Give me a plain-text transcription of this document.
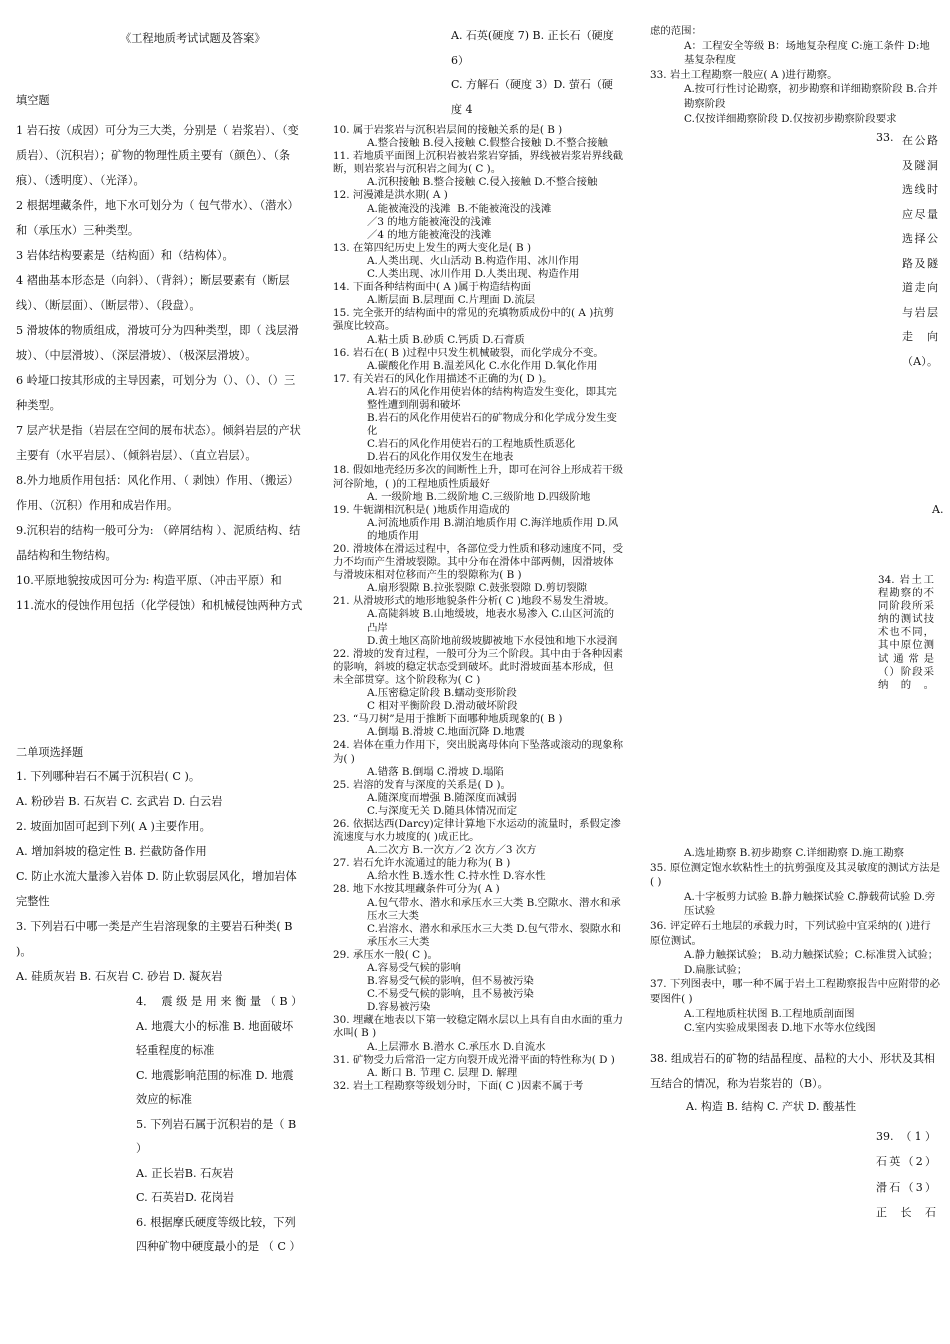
《工程地质考试试题及答案》
填空题
1 岩石按（成因）可分为三大类，分别是（ 岩浆岩）、（变质岩）、（沉积岩）；矿物的物理性质主要有（颜色）、（条痕）、（透明度）、（光泽）。
2 根据埋藏条件，地下水可划分为（ 包气带水）、（潜水）和（承压水）三种类型。
3 岩体结构要素是（结构面）和（结构体）。
4 褶曲基本形态是（向斜）、（背斜）；断层要素有（断层线）、（断层面）、（断层带）、（段盘）。
5 滑坡体的物质组成，滑坡可分为四种类型，即（ 浅层滑坡）、（中层滑坡）、（深层滑坡）、（极深层滑坡）。
6 岭垭口按其形成的主导因素，可划分为（）、（）、（）三种类型。
7 层产状是指（岩层在空间的展布状态）。倾斜岩层的产状主要有（水平岩层）、（倾斜岩层）、（直立岩层）。
8.外力地质作用包括：风化作用、（ 剥蚀）作用、（搬运）作用、（沉积）作用和成岩作用。
9.沉积岩的结构一般可分为: （碎屑结构 ）、泥质结构、结晶结构和生物结构。
10.平原地貌按成因可分为: 构造平原、（冲击平原）和
11.流水的侵蚀作用包括（化学侵蚀）和机械侵蚀两种方式
二单项选择题
1. 下列哪种岩石不属于沉积岩( C )。
A. 粉砂岩 B. 石灰岩 C. 玄武岩 D. 白云岩
2. 坡面加固可起到下列( A )主要作用。
A. 增加斜坡的稳定性 B. 拦截防备作用
C. 防止水流大量渗入岩体 D. 防止软弱层风化，增加岩体完整性
3. 下列岩石中哪一类是产生岩溶现象的主要岩石种类( B )。
A. 硅质灰岩 B. 石灰岩 C. 砂岩 D. 凝灰岩
4．  震 级 是 用 来 衡 量 （ B ）
A. 地震大小的标准 B. 地面破坏轻重程度的标准
C. 地震影响范围的标准 D. 地震效应的标准
5. 下列岩石属于沉积岩的是（ B ）
A. 正长岩B. 石灰岩
C. 石英岩D. 花岗岩
6. 根据摩氏硬度等级比较，下列四种矿物中硬度最小的是 （ C ）
A. 石英(硬度 7) B. 正长石（硬度 6）
C. 方解石（硬度 3）D. 萤石（硬度 4
10. 属于岩浆岩与沉积岩层间的接触关系的是( B )
A.整合接触 B.侵入接触 C.假整合接触 D.不整合接触
11. 若地质平面图上沉积岩被岩浆岩穿插，界线被岩浆岩界线截断，则岩浆岩与沉积岩之间为( C )。
A.沉积接触 B.整合接触 C.侵入接触 D.不整合接触
12. 河漫滩是洪水期( A )
A.能被淹没的浅滩  B.不能被淹没的浅滩
／3 的地方能被淹没的浅滩
／4 的地方能被淹没的浅滩
13. 在第四纪历史上发生的两大变化是( B )
A.人类出现、火山活动 B.构造作用、冰川作用
C.人类出现、冰川作用 D.人类出现、构造作用
14. 下面各种结构面中( A )属于构造结构面
A.断层面 B.层理面 C.片理面 D.流层
15. 完全张开的结构面中的常见的充填物质成份中的( A )抗剪强度比较高。
A.粘土质 B.砂质 C.钙质 D.石膏质
16. 岩石在( B )过程中只发生机械破裂，而化学成分不变。
A.碳酸化作用 B.温差风化 C.水化作用 D.氧化作用
17. 有关岩石的风化作用描述不正确的为( D )。
A.岩石的风化作用使岩体的结构构造发生变化，即其完整性遭到削弱和破坏
B.岩石的风化作用使岩石的矿物成分和化学成分发生变化
C.岩石的风化作用使岩石的工程地质性质恶化
D.岩石的风化作用仅发生在地表
18. 假如地壳经历多次的间断性上升，即可在河谷上形成若干级河谷阶地，( )的工程地质性质最好
A. 一级阶地 B.二级阶地 C.三级阶地 D.四级阶地
19. 牛轭湖相沉积是( )地质作用造成的
A.河流地质作用 B.湖泊地质作用 C.海洋地质作用 D.风的地质作用
20. 滑坡体在滑运过程中，各部位受力性质和移动速度不同，受力不均而产生滑坡裂隙。其中分布在滑体中部两侧，因滑坡体与滑坡床相对位移而产生的裂隙称为( B )
A.扇形裂隙 B.拉张裂隙 C.鼓张裂隙 D.剪切裂隙
21. 从滑坡形式的地形地貌条件分析( C )地段不易发生滑坡。
A.高陡斜坡 B.山地缓坡，地表水易渗入 C.山区河流的凸岸
D.黄土地区高阶地前级坡脚被地下水侵蚀和地下水浸润
22. 滑坡的发育过程，一般可分为三个阶段。其中由于各种因素的影响，斜坡的稳定状态受到破坏。此时滑坡面基本形成，但未全部贯穿。这个阶段称为( C )
A.压密稳定阶段 B.蠕动变形阶段
C 相对平衡阶段 D.滑动破坏阶段
23. “马刀树”是用于推断下面哪种地质现象的( B )
A.倒塌 B.滑坡 C.地面沉降 D.地震
24. 岩体在重力作用下，突出脱离母体向下坠落或滚动的现象称为( )
A.错落 B.倒塌 C.滑坡 D.塌陷
25. 岩溶的发育与深度的关系是( D )。
A.随深度而增强 B.随深度而减弱
C.与深度无关 D.随具体情况而定
26. 依据达西(Darcy)定律计算地下水运动的流量时，系假定渗流速度与水力坡度的( )成正比。
A.二次方 B.一次方／2 次方／3 次方
27. 岩石允许水流通过的能力称为( B )
A.给水性 B.透水性 C.持水性 D.容水性
28. 地下水按其埋藏条件可分为( A )
A.包气带水、潜水和承压水三大类 B.空隙水、潜水和承压水三大类
C.岩溶水、潜水和承压水三大类 D.包气带水、裂隙水和承压水三大类
29. 承压水一般( C )。
A.容易受气候的影响
B.容易受气候的影响，但不易被污染
C.不易受气候的影响，且不易被污染
D.容易被污染
30. 埋藏在地表以下第一较稳定隔水层以上具有自由水面的重力水叫( B )
A.上层滞水 B.潜水 C.承压水 D.自流水
31. 矿物受力后常沿一定方向裂开成光滑平面的特性称为( D )
A. 断口 B. 节理 C. 层理 D. 解理
32. 岩土工程勘察等级划分时，下面( C )因素不属于考
虑的范围：
A：工程安全等级 B：场地复杂程度 C:施工条件 D:地基复杂程度
33. 岩土工程勘察一般应( A )进行勘察。
A.按可行性讨论勘察，初步勘察和详细勘察阶段 B.合并勘察阶段
C.仅按详细勘察阶段 D.仅按初步勘察阶段要求
33. 在公路及隧洞选线时应尽量选择公路及隧道走向与岩层走向（A）。
A.
34. 岩土工程勘察的不同阶段所采纳的测试技术也不同，其中原位测试通常是（）阶段采纳的。
A.选址勘察 B.初步勘察 C.详细勘察 D.施工勘察
35. 原位测定饱水软粘性土的抗剪强度及其灵敏度的测试方法是( )
A.十字板剪力试验 B.静力触探试验 C.静载荷试验 D.旁压试验
36. 评定碎石土地层的承载力时，下列试验中宜采纳的( )进行原位测试。
A.静力触探试验； B.动力触探试验；C.标准贯入试验；D.扁胀试验；
37. 下列图表中，哪一种不属于岩土工程勘察报告中应附带的必要图件( )
A.工程地质柱状图 B.工程地质剖面图
C.室内实验成果图表 D.地下水等水位线图
38. 组成岩石的矿物的结晶程度、晶粒的大小、形状及其相互结合的情况，称为岩浆岩的（B）。
A. 构造 B. 结构 C. 产状 D. 酸基性
39. （1）石英（2）滑石（3）正长石
